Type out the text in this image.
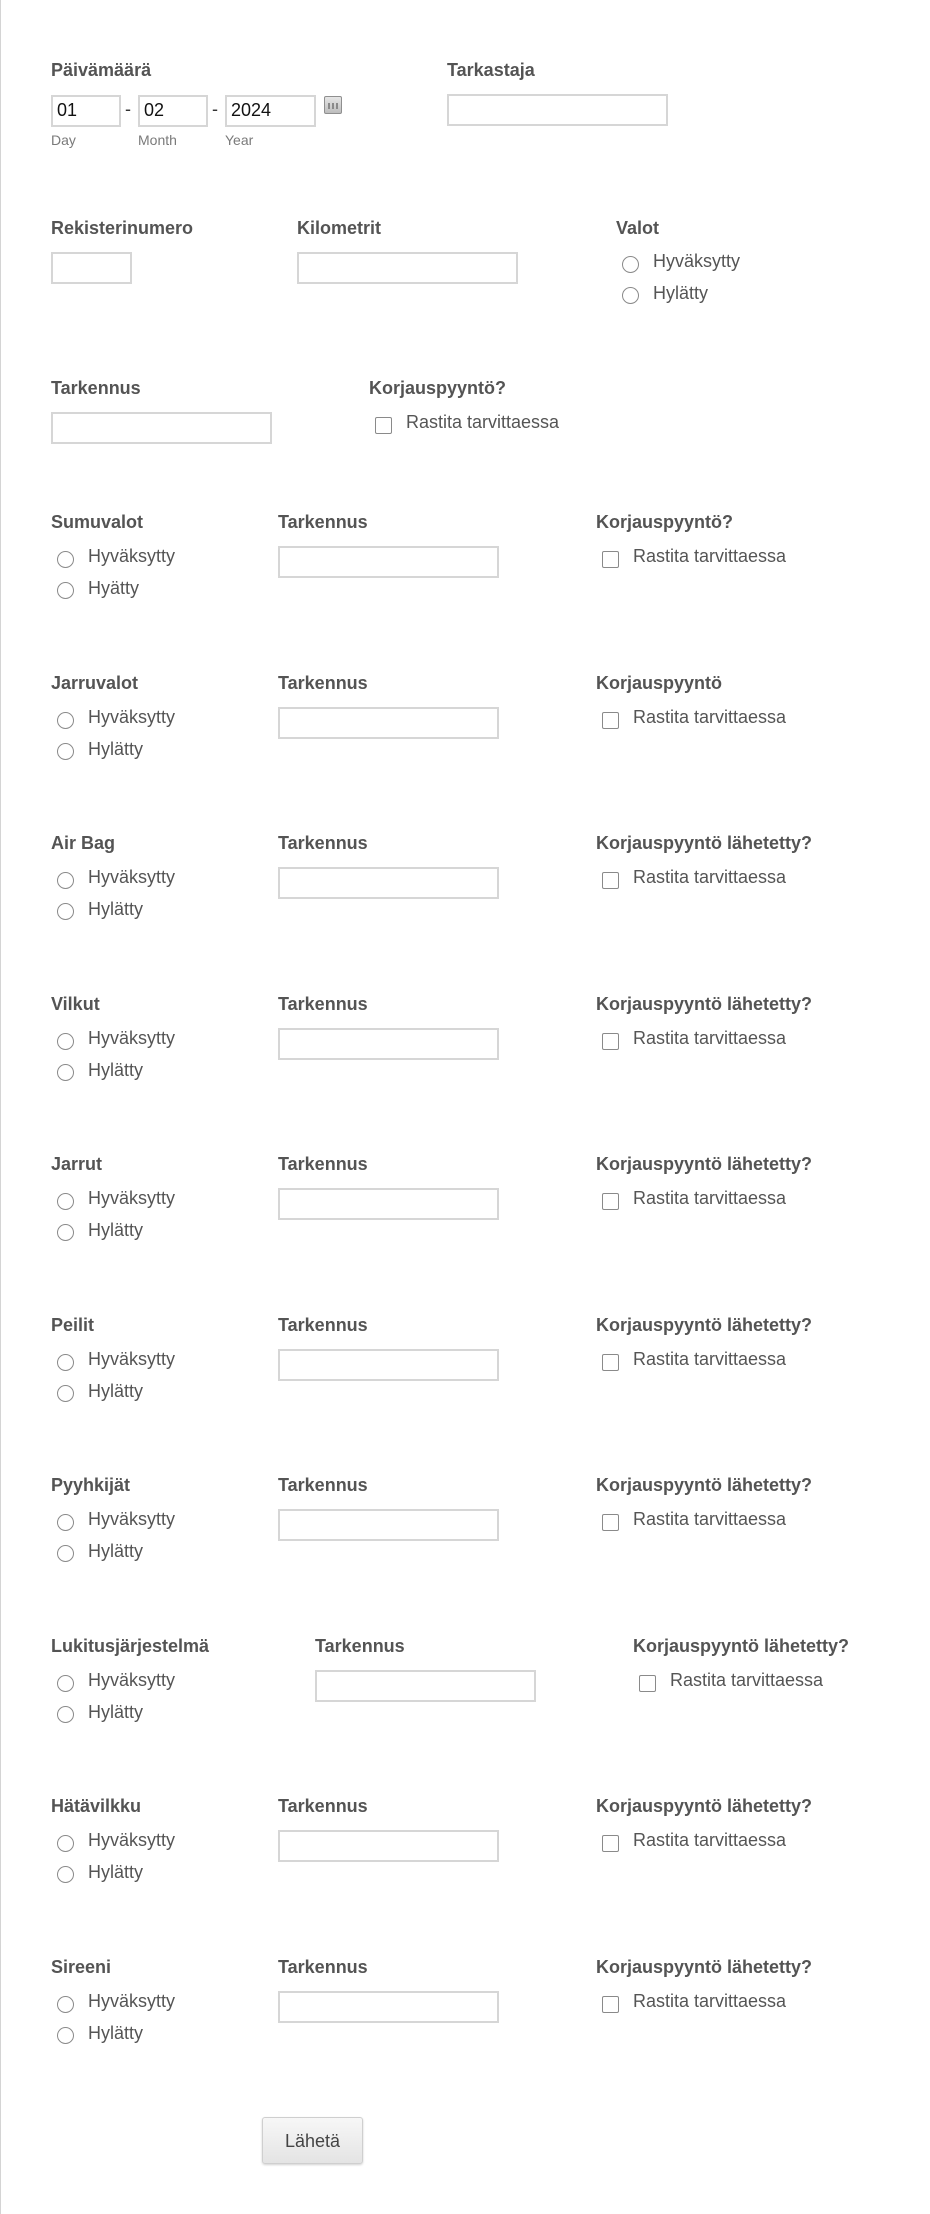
Päivämäärä
01	- 02	- 2024
Day	Month	Year
Tarkastaja
Rekisterinumero	Kilometrit	Valot
Hyväksytty
Hylätty
Tarkennus	Korjauspyyntö?
Rastita tarvittaessa
Sumuvalot
Hyväksytty
Hyätty
Tarkennus	Korjauspyyntö?
Rastita tarvittaessa
Jarruvalot
Hyväksytty
Hylätty
Tarkennus	Korjauspyyntö
Rastita tarvittaessa
Air Bag
Hyväksytty
Hylätty
Tarkennus	Korjauspyyntö lähetetty?
Rastita tarvittaessa
Vilkut
Hyväksytty
Hylätty
Tarkennus	Korjauspyyntö lähetetty?
Rastita tarvittaessa
Jarrut
Hyväksytty
Hylätty
Tarkennus	Korjauspyyntö lähetetty?
Rastita tarvittaessa
Peilit
Hyväksytty
Hylätty
Tarkennus	Korjauspyyntö lähetetty?
Rastita tarvittaessa
Pyyhkijät
Hyväksytty
Hylätty
Tarkennus	Korjauspyyntö lähetetty?
Rastita tarvittaessa
Lukitusjärjestelmä
Hyväksytty
Hylätty
Tarkennus	Korjauspyyntö lähetetty?
Rastita tarvittaessa
Hätävilkku
Hyväksytty
Hylätty
Tarkennus	Korjauspyyntö lähetetty?
Rastita tarvittaessa
Sireeni
Hyväksytty
Hylätty
Tarkennus	Korjauspyyntö lähetetty?
Rastita tarvittaessa
Lähetä
